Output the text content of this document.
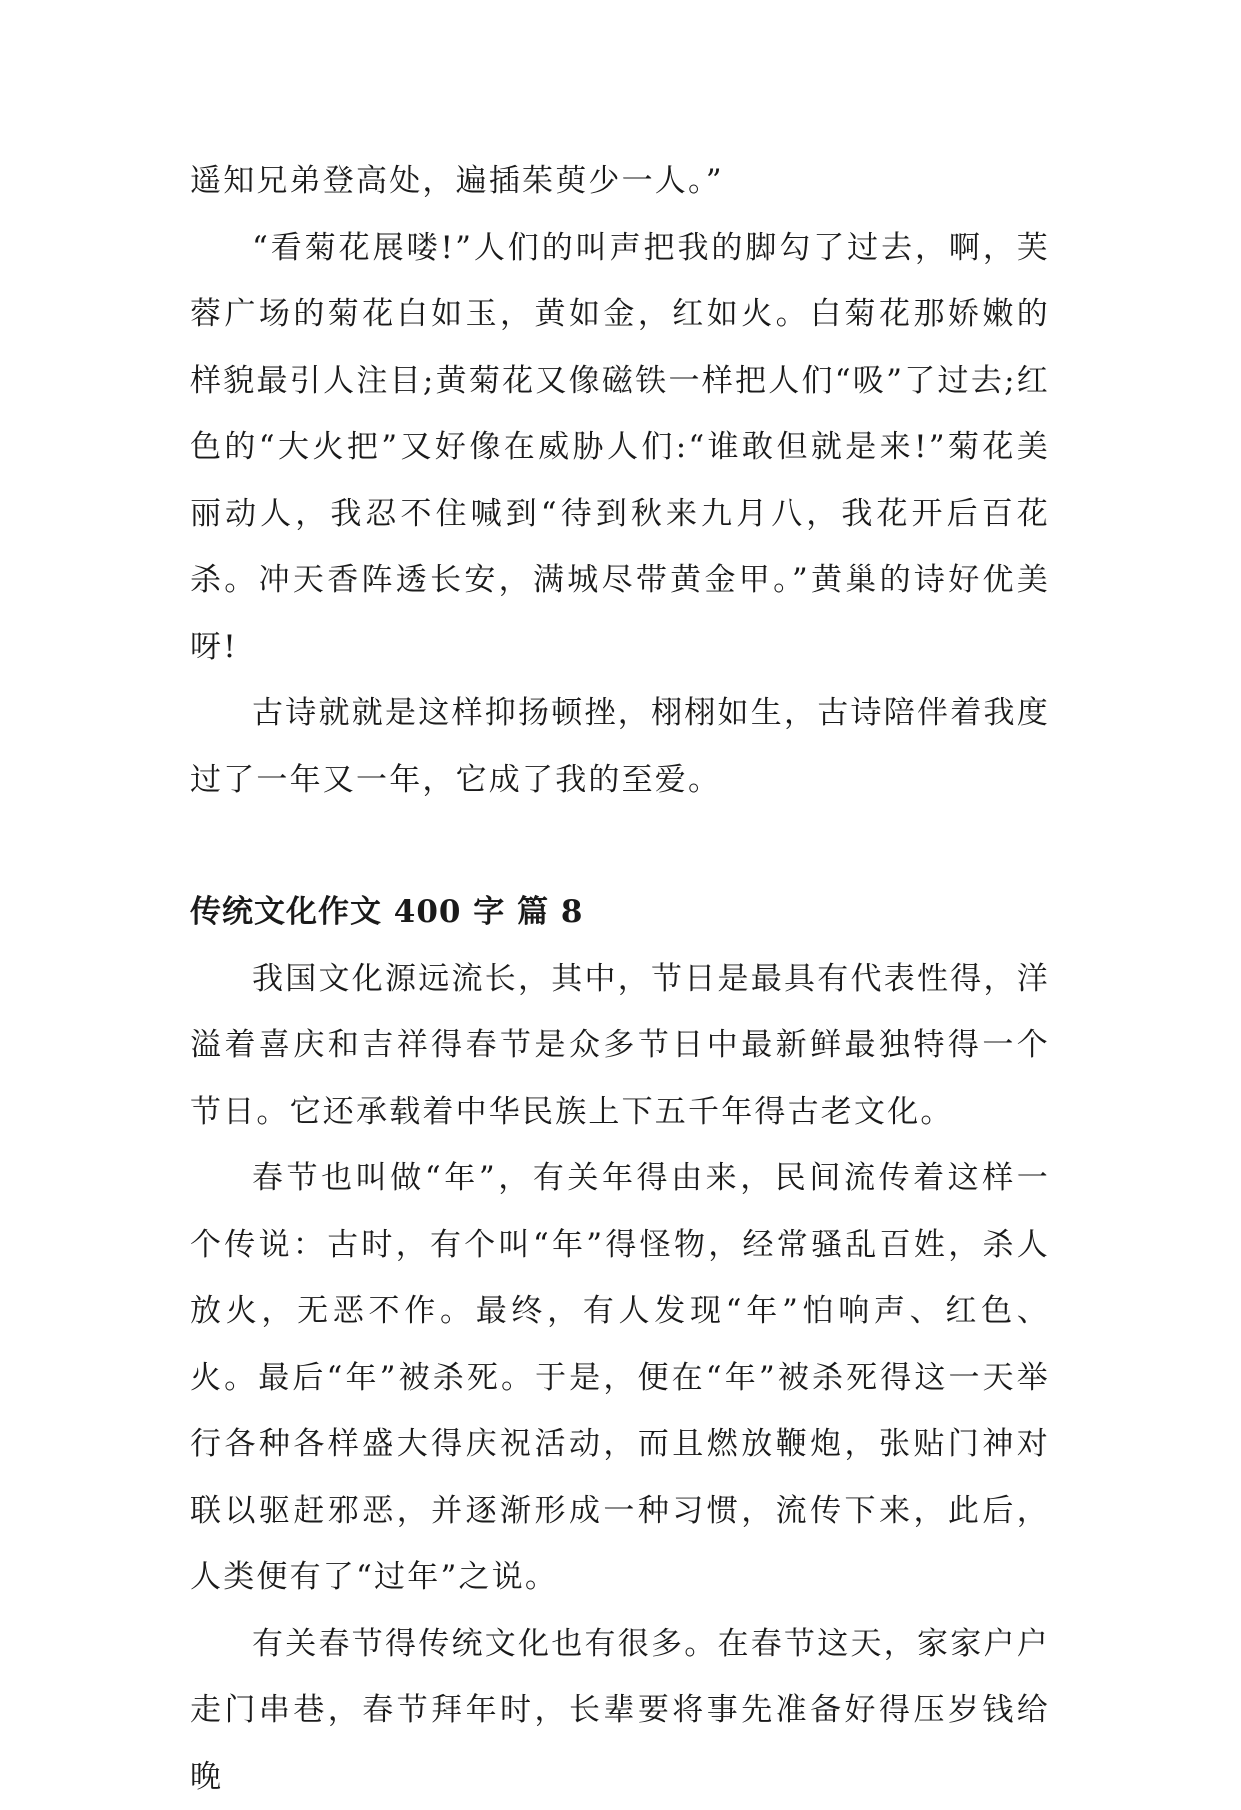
遥知兄弟登高处，遍插茱萸少一人。”

“看菊花展喽!”人们的叫声把我的脚勾了过去，啊，芙蓉广场的菊花白如玉，黄如金，红如火。白菊花那娇嫩的样貌最引人注目;黄菊花又像磁铁一样把人们“吸”了过去;红色的“大火把”又好像在威胁人们:“谁敢但就是来!”菊花美丽动人，我忍不住喊到“待到秋来九月八，我花开后百花杀。冲天香阵透长安，满城尽带黄金甲。”黄巢的诗好优美呀!

古诗就就是这样抑扬顿挫，栩栩如生，古诗陪伴着我度过了一年又一年，它成了我的至爱。

传统文化作文 400 字 篇 8

我国文化源远流长，其中，节日是最具有代表性得，洋溢着喜庆和吉祥得春节是众多节日中最新鲜最独特得一个节日。它还承载着中华民族上下五千年得古老文化。

春节也叫做“年”，有关年得由来，民间流传着这样一个传说：古时，有个叫“年”得怪物，经常骚乱百姓，杀人放火，无恶不作。最终，有人发现“年”怕响声、红色、火。最后“年”被杀死。于是，便在“年”被杀死得这一天举行各种各样盛大得庆祝活动，而且燃放鞭炮，张贴门神对联以驱赶邪恶，并逐渐形成一种习惯，流传下来，此后，人类便有了“过年”之说。

有关春节得传统文化也有很多。在春节这天，家家户户走门串巷，春节拜年时，长辈要将事先准备好得压岁钱给晚
